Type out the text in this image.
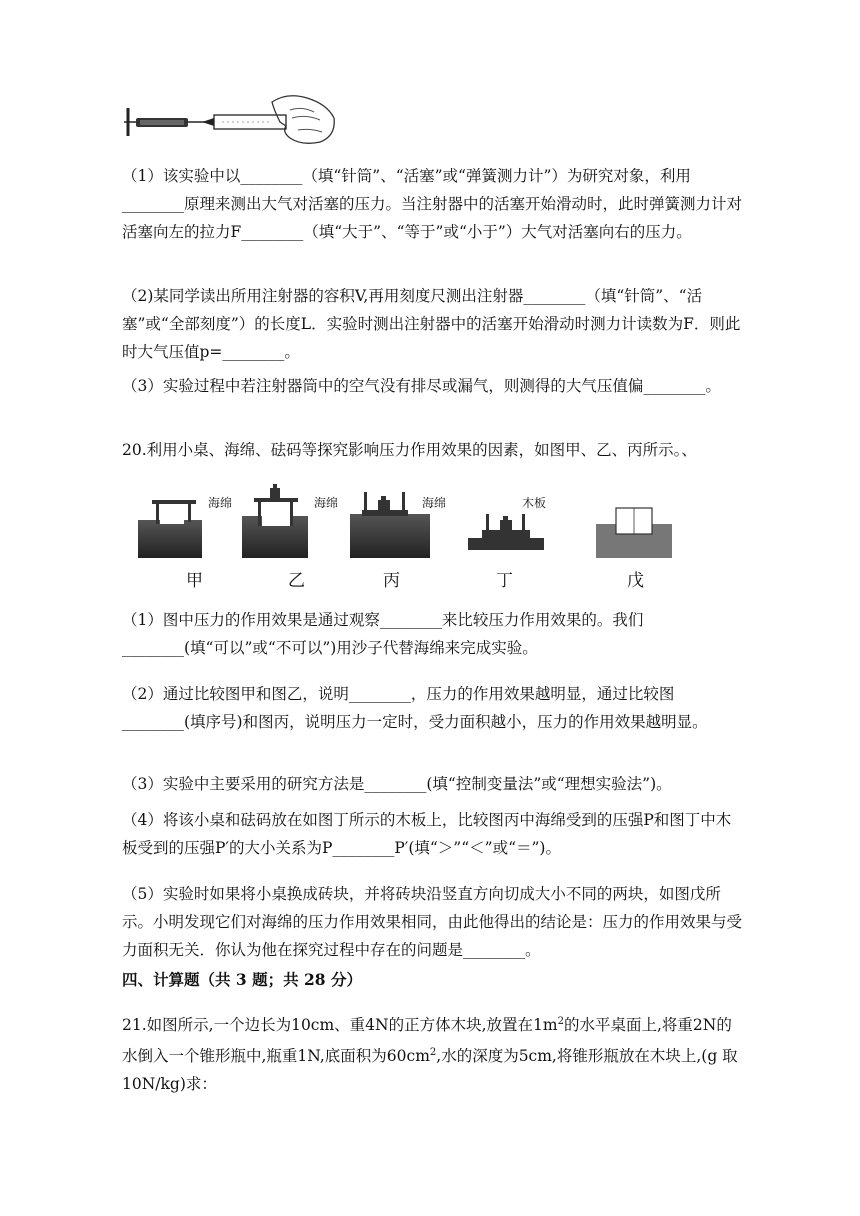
（1）该实验中以________（填“针筒”、“活塞”或“弹簧测力计”）为研究对象，利用________原理来测出大气对活塞的压力。当注射器中的活塞开始滑动时，此时弹簧测力计对活塞向左的拉力F________（填“大于”、“等于”或“小于”）大气对活塞向右的压力。

（2)某同学读出所用注射器的容积V,再用刻度尺测出注射器________（填“针筒”、“活塞”或“全部刻度”）的长度L．实验时测出注射器中的活塞开始滑动时测力计读数为F．则此时大气压值p=________。

（3）实验过程中若注射器筒中的空气没有排尽或漏气，则测得的大气压值偏________。

20.利用小桌、海绵、砝码等探究影响压力作用效果的因素，如图甲、乙、丙所示。、

海绵	海绵	海绵	木板
甲	乙	丙	丁	戊

（1）图中压力的作用效果是通过观察________来比较压力作用效果的。我们________(填“可以”或“不可以”)用沙子代替海绵来完成实验。

（2）通过比较图甲和图乙，说明________，压力的作用效果越明显，通过比较图________(填序号)和图丙，说明压力一定时，受力面积越小，压力的作用效果越明显。

（3）实验中主要采用的研究方法是________(填“控制变量法”或“理想实验法”)。

（4）将该小桌和砝码放在如图丁所示的木板上，比较图丙中海绵受到的压强P和图丁中木板受到的压强P′的大小关系为P________P′(填“＞”“＜”或“＝”)。

（5）实验时如果将小桌换成砖块，并将砖块沿竖直方向切成大小不同的两块，如图戊所示。小明发现它们对海绵的压力作用效果相同，由此他得出的结论是：压力的作用效果与受力面积无关．你认为他在探究过程中存在的问题是________。

四、计算题（共 3 题；共 28 分）

21.如图所示,一个边长为10cm、重4N的正方体木块,放置在$1m^2$的水平桌面上,将重2N的水倒入一个锥形瓶中,瓶重1N,底面积为$60cm^2$,水的深度为5cm,将锥形瓶放在木块上,(g 取 10N/kg)求：
